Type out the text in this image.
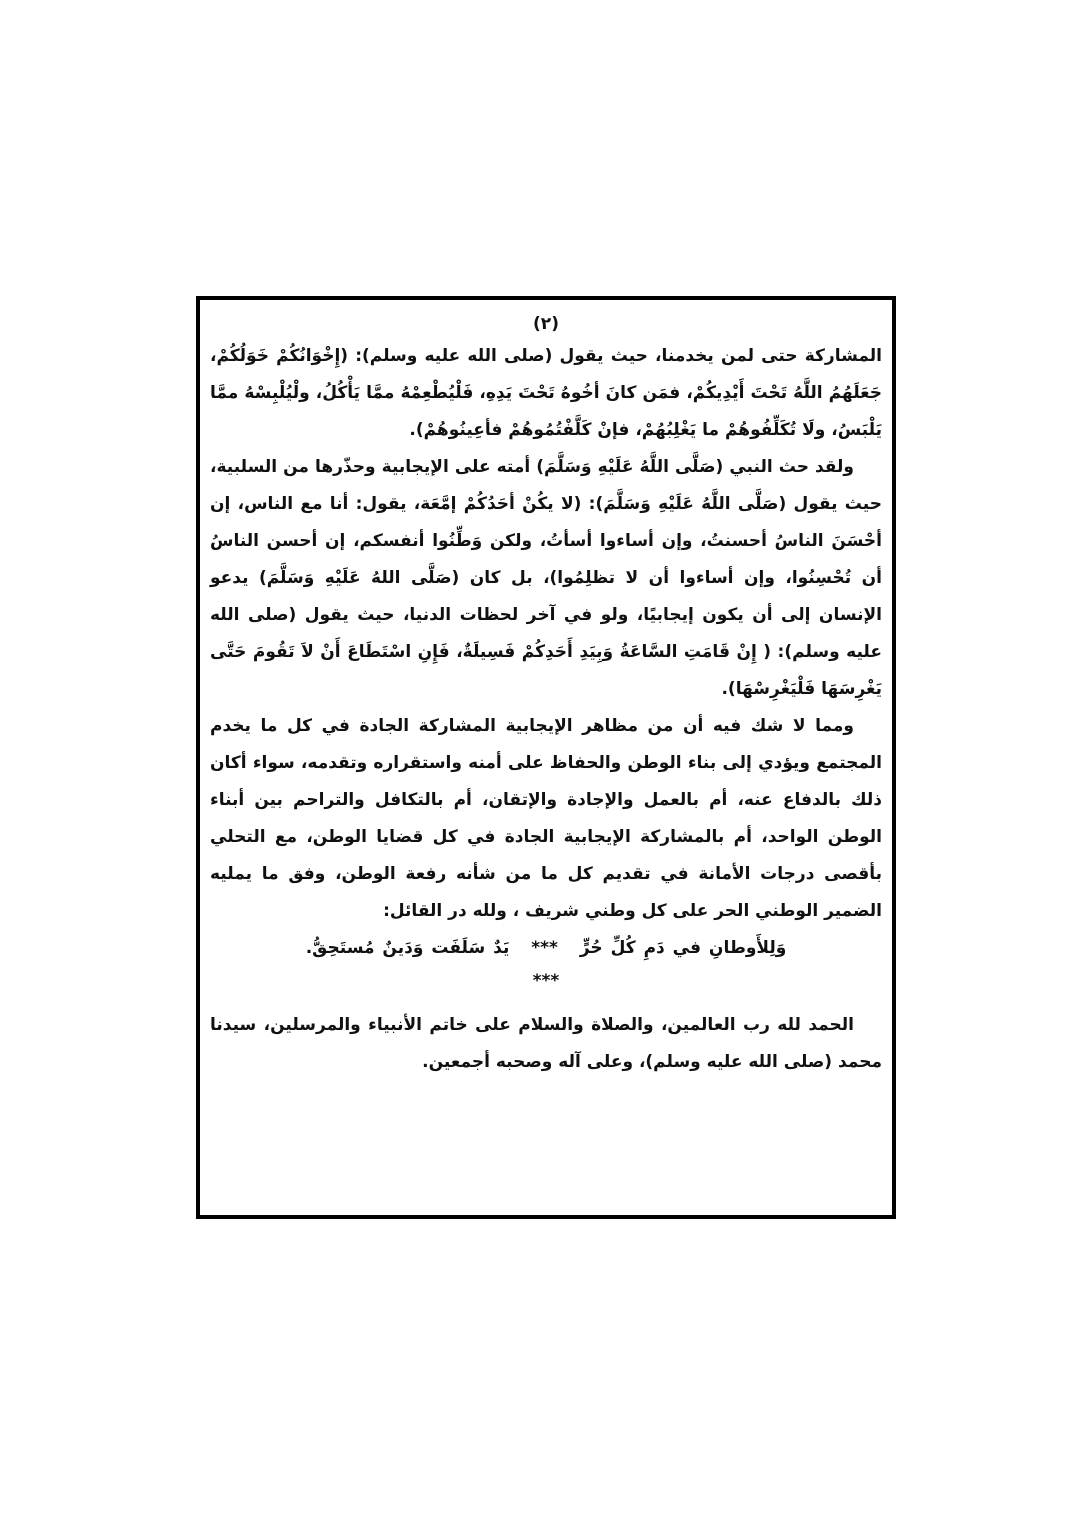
(٢)

المشاركة حتى لمن يخدمنا، حيث يقول (صلى الله عليه وسلم): (إِخْوَانُكُمْ خَوَلُكُمْ، جَعَلَهُمُ اللَّهُ تَحْتَ أَيْدِيكُمْ، فمَن كانَ أخُوهُ تَحْتَ يَدِهِ، فَلْيُطْعِمْهُ ممَّا يَأْكُلُ، ولْيُلْبِسْهُ ممَّا يَلْبَسُ، ولَا تُكَلِّفُوهُمْ ما يَغْلِبُهُمْ، فإنْ كَلَّفْتُمُوهُمْ فأعِينُوهُمْ).

ولقد حث النبي (صَلَّى اللَّهُ عَلَيْهِ وَسَلَّمَ) أمته على الإيجابية وحذّرها من السلبية، حيث يقول (صَلَّى اللَّهُ عَلَيْهِ وَسَلَّمَ): (لا يكُنْ أحَدُكُمْ إمَّعَة، يقول: أنا مع الناس، إن أحْسَنَ الناسُ أحسنتُ، وإن أساءوا أسأتُ، ولكن وَطِّنُوا أنفسكم، إن أحسن الناسُ أن تُحْسِنُوا، وإن أساءوا أن لا تظلِمُوا)، بل كان (صَلَّى اللهُ عَلَيْهِ وَسَلَّمَ) يدعو الإنسان إلى أن يكون إيجابيًا، ولو في آخر لحظات الدنيا، حيث يقول (صلى الله عليه وسلم): ( إِنْ قَامَتِ السَّاعَةُ وَبِيَدِ أَحَدِكُمْ فَسِيلَةٌ، فَإِنِ اسْتَطَاعَ أَنْ لاَ تَقُومَ حَتَّى يَغْرِسَهَا فَلْيَغْرِسْهَا).

ومما لا شك فيه أن من مظاهر الإيجابية المشاركة الجادة في كل ما يخدم المجتمع ويؤدي إلى بناء الوطن والحفاظ على أمنه واستقراره وتقدمه، سواء أكان ذلك بالدفاع عنه، أم بالعمل والإجادة والإتقان، أم بالتكافل والتراحم بين أبناء الوطن الواحد، أم بالمشاركة الإيجابية الجادة في كل قضايا الوطن، مع التحلي بأقصى درجات الأمانة في تقديم كل ما من شأنه رفعة الوطن، وفق ما يمليه الضمير الوطني الحر على كل وطني شريف ، ولله در القائل:

وَلِلأَوطانِ في دَمِ كُلِّ حُرٍّ *** يَدٌ سَلَفَت وَدَينٌ مُستَحِقُّ.

***

الحمد لله رب العالمين، والصلاة والسلام على خاتم الأنبياء والمرسلين، سيدنا محمد (صلى الله عليه وسلم)، وعلى آله وصحبه أجمعين.
